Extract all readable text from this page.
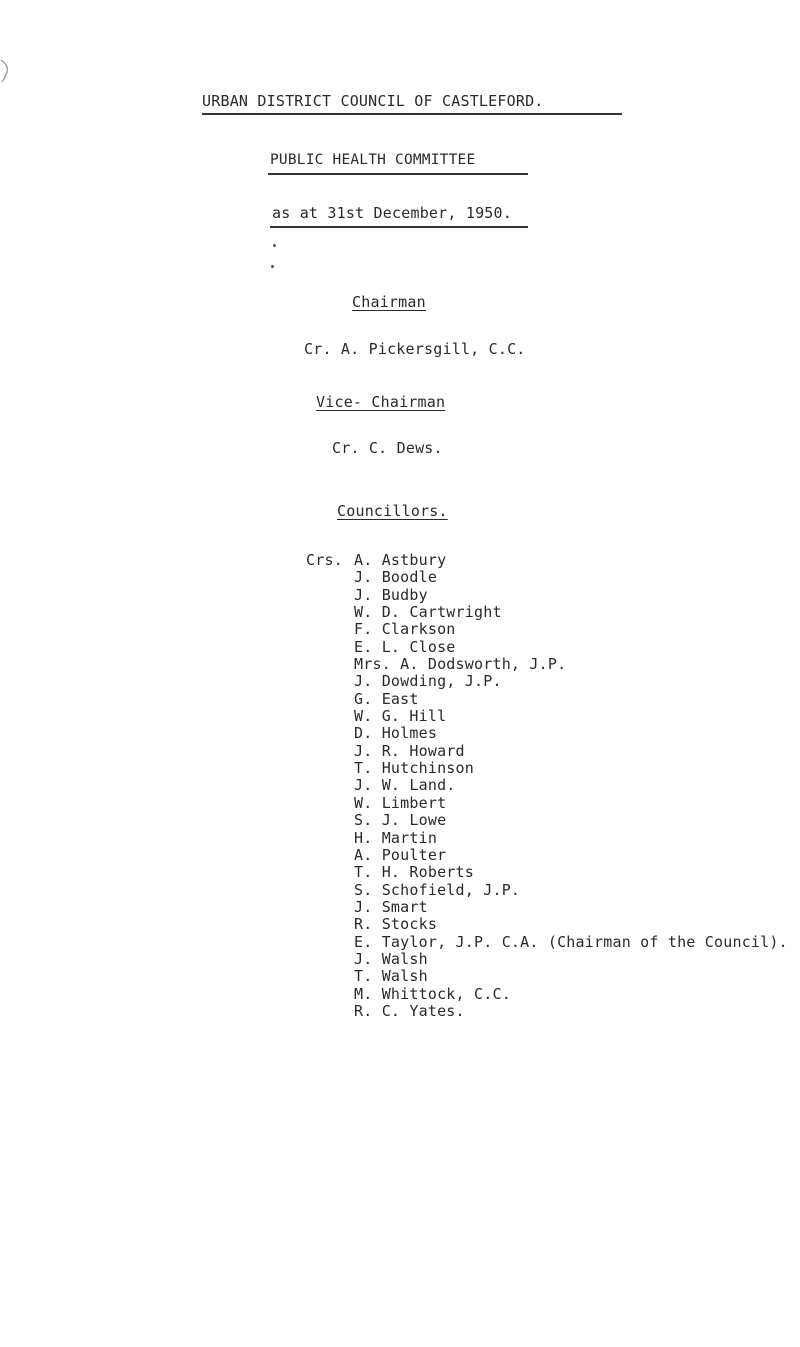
URBAN DISTRICT COUNCIL OF CASTLEFORD.
PUBLIC HEALTH COMMITTEE
as at 31st December, 1950.
Chairman
Cr. A. Pickersgill, C.C.
Vice- Chairman
Cr. C. Dews.
Councillors.
Crs. A. Astbury
J. Boodle
J. Budby
W. D. Cartwright
F. Clarkson
E. L. Close
Mrs. A. Dodsworth, J.P.
J. Dowding, J.P.
G. East
W. G. Hill
D. Holmes
J. R. Howard
T. Hutchinson
J. W. Land.
W. Limbert
S. J. Lowe
H. Martin
A. Poulter
T. H. Roberts
S. Schofield, J.P.
J. Smart
R. Stocks
E. Taylor, J.P. C.A. (Chairman of the Council).
J. Walsh
T. Walsh
M. Whittock, C.C.
R. C. Yates.
